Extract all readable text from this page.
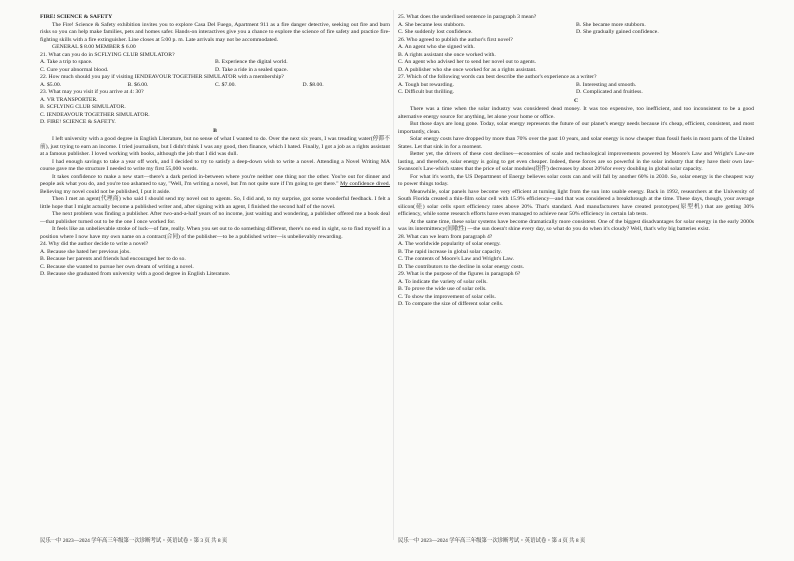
FIRE! SCIENCE & SAFETY

The Fire! Science & Safety exhibition invites you to explore Casa Del Fuego, Apartment 911 as a fire danger detective, seeking out fire and burn risks so you can help make families, pets and homes safer. Hands-on interactives give you a chance to explore the science of fire safety and practice fire-fighting skills with a fire extinguisher. Line closes at 5:00 p. m. Late arrivals may not be accommodated.

GENERAL $ 8.00 MEMBER $ 6.00

21. What can you do in SCFLYING CLUB SIMULATOR?

A. Take a trip to space.	B. Experience the digital world.
C. Cure your abnormal blood.	D. Take a ride in a sealed space.

22. How much should you pay if visiting IENDEAVOUR TOGETHER SIMULATOR with a membership?

A. $5.00.	B. $6.00.	C. $7.00.	D. $8.00.

23. What may you visit if you arrive at 4: 30?

A. VR TRANSPORTER.

B. SCFLYING CLUB SIMULATOR.

C. IENDEAVOUR TOGETHER SIMULATOR.

D. FIRE! SCIENCE & SAFETY.

B

I left university with a good degree in English Literature, but no sense of what I wanted to do. Over the next six years, I was treading water(停滞不前), just trying to earn an income. I tried journalism, but I didn't think I was any good, then finance, which I hated. Finally, I got a job as a rights assistant at a famous publisher. I loved working with books, although the job that I did was dull.

I had enough savings to take a year off work, and I decided to try to satisfy a deep-down wish to write a novel. Attending a Novel Writing MA course gave me the structure I needed to write my first 55,000 words.

It takes confidence to make a new start—there's a dark period in-between where you're neither one thing nor the other. You're out for dinner and people ask what you do, and you're too ashamed to say, "Well, I'm writing a novel, but I'm not quite sure if I'm going to get there." My confidence dived. Believing my novel could not be published, I put it aside.

Then I met an agent(代理商) who said I should send my novel out to agents. So, I did and, to my surprise, got some wonderful feedback. I felt a little hope that I might actually become a published writer and, after signing with an agent, I finished the second half of the novel.

The next problem was finding a publisher. After two-and-a-half years of no income, just waiting and wondering, a publisher offered me a book deal—that publisher turned out to be the one I once worked for.

It feels like an unbelievable stroke of luck—of fate, really. When you set out to do something different, there's no end in sight, so to find myself in a position where I now have my own name on a contract(合同) of the publisher—to be a published writer—is unbelievably rewarding.

24. Why did the author decide to write a novel?

A. Because she hated her previous jobs.

B. Because her parents and friends had encouraged her to do so.

C. Because she wanted to pursue her own dream of writing a novel.

D. Because she graduated from university with a good degree in English Literature.

25. What does the underlined sentence in paragraph 3 mean?

A. She became less stubborn.	B. She became more stubborn.
C. She suddenly lost confidence.	D. She gradually gained confidence.

26. Who agreed to publish the author's first novel?

A. An agent who she signed with.

B. A rights assistant she once worked with.

C. An agent who advised her to send her novel out to agents.

D. A publisher who she once worked for as a rights assistant.

27. Which of the following words can best describe the author's experience as a writer?

A. Tough but rewarding.	B. Interesting and smooth.
C. Difficult but thrilling.	D. Complicated and fruitless.

C

There was a time when the solar industry was considered dead money. It was too expensive, too inefficient, and too inconsistent to be a good alternative energy source for anything, let alone your home or office.

But those days are long gone. Today, solar energy represents the future of our planet's energy needs because it's cheap, efficient, consistent, and most importantly, clean.

Solar energy costs have dropped by more than 70% over the past 10 years, and solar energy is now cheaper than fossil fuels in most parts of the United States. Let that sink in for a moment.

Better yet, the drivers of these cost declines—economies of scale and technological improvements powered by Moore's Law and Wright's Law-are lasting, and therefore, solar energy is going to get even cheaper. Indeed, these forces are so powerful in the solar industry that they have their own law-Swanson's Law-which states that the price of solar modules(组件) decreases by about 20%for every doubling in global solar capacity.

For what it's worth, the US Department of Energy believes solar costs can and will fall by another 60% in 2030. So, solar energy is the cheapest way to power things today.

Meanwhile, solar panels have become very efficient at turning light from the sun into usable energy. Back in 1992, researchers at the University of South Florida created a thin-film solar cell with 15.9% efficiency—and that was considered a breakthrough at the time. These days, though, your average silicon(硅) solar cells sport efficiency rates above 20%. That's standard. And manufacturers have created prototypes(原型机) that are getting 30% efficiency, while some research efforts have even managed to achieve near 50% efficiency in certain lab tests.

At the same time, these solar systems have become dramatically more consistent. One of the biggest disadvantages for solar energy in the early 2000s was its intermittency(间歇性) —the sun doesn't shine every day, so what do you do when it's cloudy? Well, that's why big batteries exist.

28. What can we learn from paragraph 4?

A. The worldwide popularity of solar energy.

B. The rapid increase in global solar capacity.

C. The contents of Moore's Law and Wright's Law.

D. The contributors to the decline in solar energy costs.

29. What is the purpose of the figures in paragraph 6?

A. To indicate the variety of solar cells.

B. To prove the wide use of solar cells.

C. To show the improvement of solar cells.

D. To compare the size of different solar cells.

民乐一中 2023—2024 学年高三年级第一次诊断考试・英语试卷・第 3 页 共 8 页	民乐一中 2023—2024 学年高三年级第一次诊断考试・英语试卷・第 4 页 共 8 页
